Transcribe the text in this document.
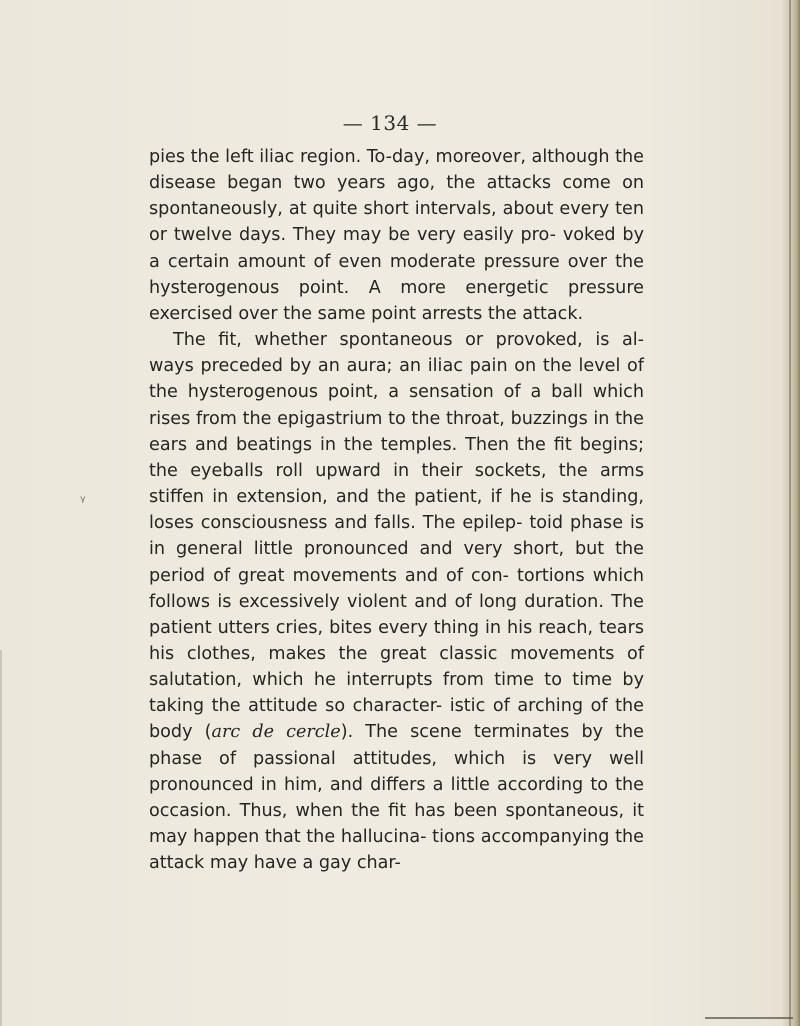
— 134 —
ᵞ

pies the left iliac region. To-day, moreover, although the disease began two years ago, the attacks come on spontaneously, at quite short intervals, about every ten or twelve days. They may be very easily pro- voked by a certain amount of even moderate pressure over the hysterogenous point. A more energetic pressure exercised over the same point arrests the attack.

The fit, whether spontaneous or provoked, is al- ways preceded by an aura; an iliac pain on the level of the hysterogenous point, a sensation of a ball which rises from the epigastrium to the throat, buzzings in the ears and beatings in the temples. Then the fit begins; the eyeballs roll upward in their sockets, the arms stiffen in extension, and the patient, if he is standing, loses consciousness and falls. The epilep- toid phase is in general little pronounced and very short, but the period of great movements and of con- tortions which follows is excessively violent and of long duration. The patient utters cries, bites every thing in his reach, tears his clothes, makes the great classic movements of salutation, which he interrupts from time to time by taking the attitude so character- istic of arching of the body (arc de cercle). The scene terminates by the phase of passional attitudes, which is very well pronounced in him, and differs a little according to the occasion. Thus, when the fit has been spontaneous, it may happen that the hallucina- tions accompanying the attack may have a gay char-
